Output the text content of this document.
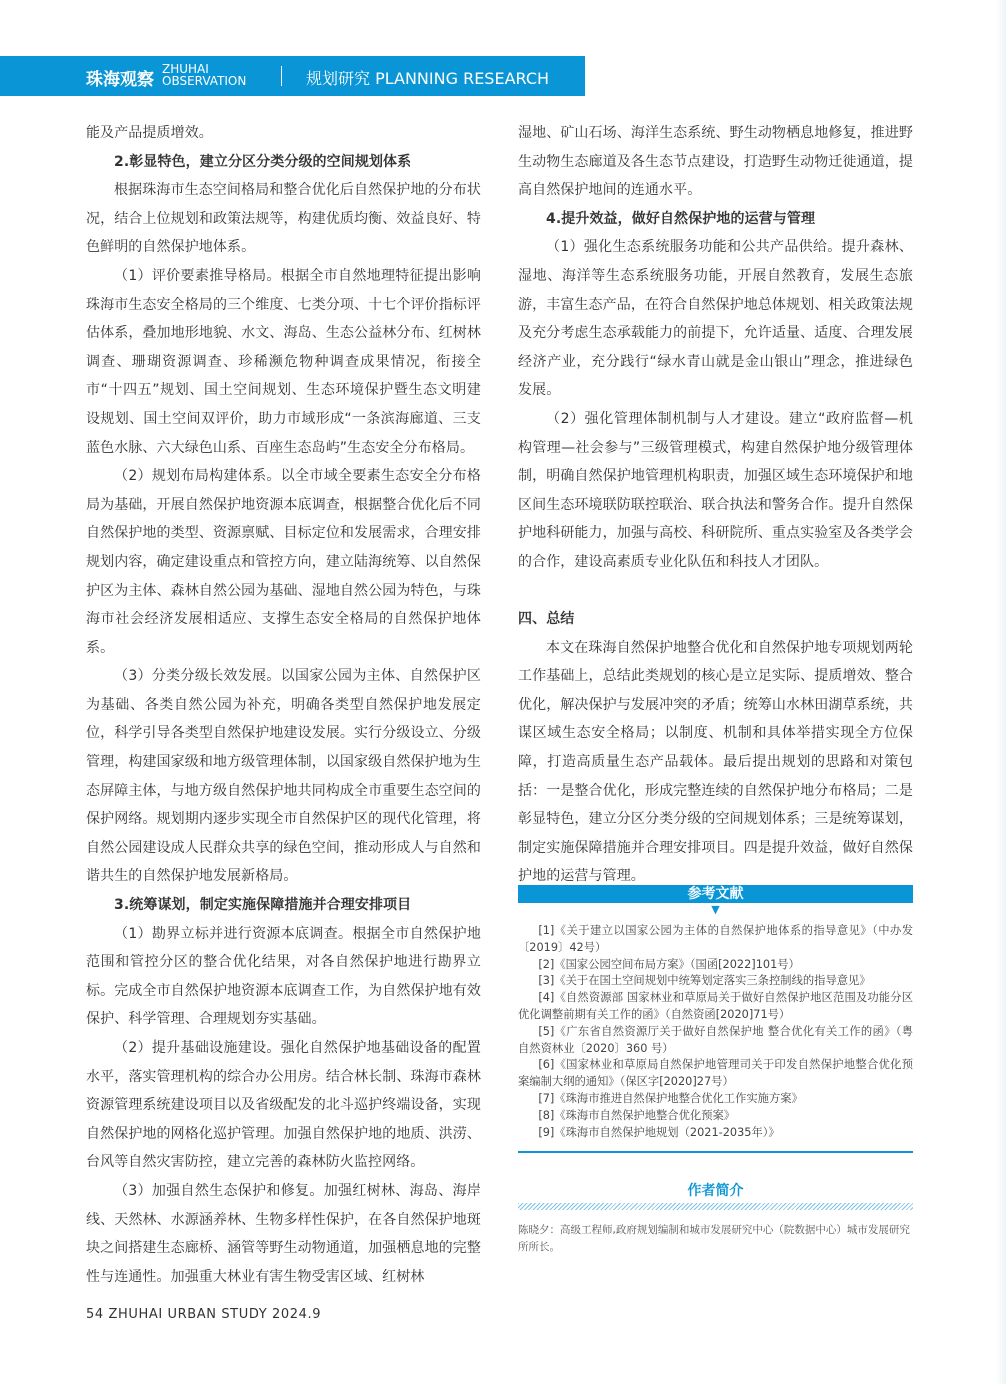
珠海观察
ZHUHAI
OBSERVATION	规划研究 PLANNING RESEARCH

能及产品提质增效。

2.彰显特色，建立分区分类分级的空间规划体系

根据珠海市生态空间格局和整合优化后自然保护地的分布状况，结合上位规划和政策法规等，构建优质均衡、效益良好、特色鲜明的自然保护地体系。

（1）评价要素推导格局。根据全市自然地理特征提出影响珠海市生态安全格局的三个维度、七类分项、十七个评价指标评估体系，叠加地形地貌、水文、海岛、生态公益林分布、红树林调查、珊瑚资源调查、珍稀濒危物种调查成果情况，衔接全市“十四五”规划、国土空间规划、生态环境保护暨生态文明建设规划、国土空间双评价，助力市域形成“一条滨海廊道、三支蓝色水脉、六大绿色山系、百座生态岛屿”生态安全分布格局。

（2）规划布局构建体系。以全市域全要素生态安全分布格局为基础，开展自然保护地资源本底调查，根据整合优化后不同自然保护地的类型、资源禀赋、目标定位和发展需求，合理安排规划内容，确定建设重点和管控方向，建立陆海统筹、以自然保护区为主体、森林自然公园为基础、湿地自然公园为特色，与珠海市社会经济发展相适应、支撑生态安全格局的自然保护地体系。

（3）分类分级长效发展。以国家公园为主体、自然保护区为基础、各类自然公园为补充，明确各类型自然保护地发展定位，科学引导各类型自然保护地建设发展。实行分级设立、分级管理，构建国家级和地方级管理体制，以国家级自然保护地为生态屏障主体，与地方级自然保护地共同构成全市重要生态空间的保护网络。规划期内逐步实现全市自然保护区的现代化管理，将自然公园建设成人民群众共享的绿色空间，推动形成人与自然和谐共生的自然保护地发展新格局。

3.统筹谋划，制定实施保障措施并合理安排项目

（1）勘界立标并进行资源本底调查。根据全市自然保护地范围和管控分区的整合优化结果，对各自然保护地进行勘界立标。完成全市自然保护地资源本底调查工作，为自然保护地有效保护、科学管理、合理规划夯实基础。

（2）提升基础设施建设。强化自然保护地基础设备的配置水平，落实管理机构的综合办公用房。结合林长制、珠海市森林资源管理系统建设项目以及省级配发的北斗巡护终端设备，实现自然保护地的网格化巡护管理。加强自然保护地的地质、洪涝、台风等自然灾害防控，建立完善的森林防火监控网络。

（3）加强自然生态保护和修复。加强红树林、海岛、海岸线、天然林、水源涵养林、生物多样性保护，在各自然保护地斑块之间搭建生态廊桥、涵管等野生动物通道，加强栖息地的完整性与连通性。加强重大林业有害生物受害区域、红树林

湿地、矿山石场、海洋生态系统、野生动物栖息地修复，推进野生动物生态廊道及各生态节点建设，打造野生动物迁徙通道，提高自然保护地间的连通水平。

4.提升效益，做好自然保护地的运营与管理

（1）强化生态系统服务功能和公共产品供给。提升森林、湿地、海洋等生态系统服务功能，开展自然教育，发展生态旅游，丰富生态产品，在符合自然保护地总体规划、相关政策法规及充分考虑生态承载能力的前提下，允许适量、适度、合理发展经济产业，充分践行“绿水青山就是金山银山”理念，推进绿色发展。

（2）强化管理体制机制与人才建设。建立“政府监督—机构管理—社会参与”三级管理模式，构建自然保护地分级管理体制，明确自然保护地管理机构职责，加强区域生态环境保护和地区间生态环境联防联控联治、联合执法和警务合作。提升自然保护地科研能力，加强与高校、科研院所、重点实验室及各类学会的合作，建设高素质专业化队伍和科技人才团队。

四、总结

本文在珠海自然保护地整合优化和自然保护地专项规划两轮工作基础上，总结此类规划的核心是立足实际、提质增效、整合优化，解决保护与发展冲突的矛盾；统筹山水林田湖草系统，共谋区域生态安全格局；以制度、机制和具体举措实现全方位保障，打造高质量生态产品载体。最后提出规划的思路和对策包括：一是整合优化，形成完整连续的自然保护地分布格局；二是彰显特色，建立分区分类分级的空间规划体系；三是统筹谋划，制定实施保障措施并合理安排项目。四是提升效益，做好自然保护地的运营与管理。

参考文献
▼
[1]《关于建立以国家公园为主体的自然保护地体系的指导意见》（中办发〔2019〕42号）
[2]《国家公园空间布局方案》（国函[2022]101号）
[3]《关于在国土空间规划中统筹划定落实三条控制线的指导意见》
[4]《自然资源部 国家林业和草原局关于做好自然保护地区范围及功能分区优化调整前期有关工作的函》（自然资函[2020]71号）
[5]《广东省自然资源厅关于做好自然保护地 整合优化有关工作的函》（粤自然资林业〔2020〕360 号）
[6]《国家林业和草原局自然保护地管理司关于印发自然保护地整合优化预案编制大纲的通知》（保区字[2020]27号）
[7]《珠海市推进自然保护地整合优化工作实施方案》
[8]《珠海市自然保护地整合优化预案》
[9]《珠海市自然保护地规划（2021-2035年）》
作者简介
陈晓夕：高级工程师,政府规划编制和城市发展研究中心（院数据中心）城市发展研究所所长。
54 ZHUHAI URBAN STUDY 2024.9
